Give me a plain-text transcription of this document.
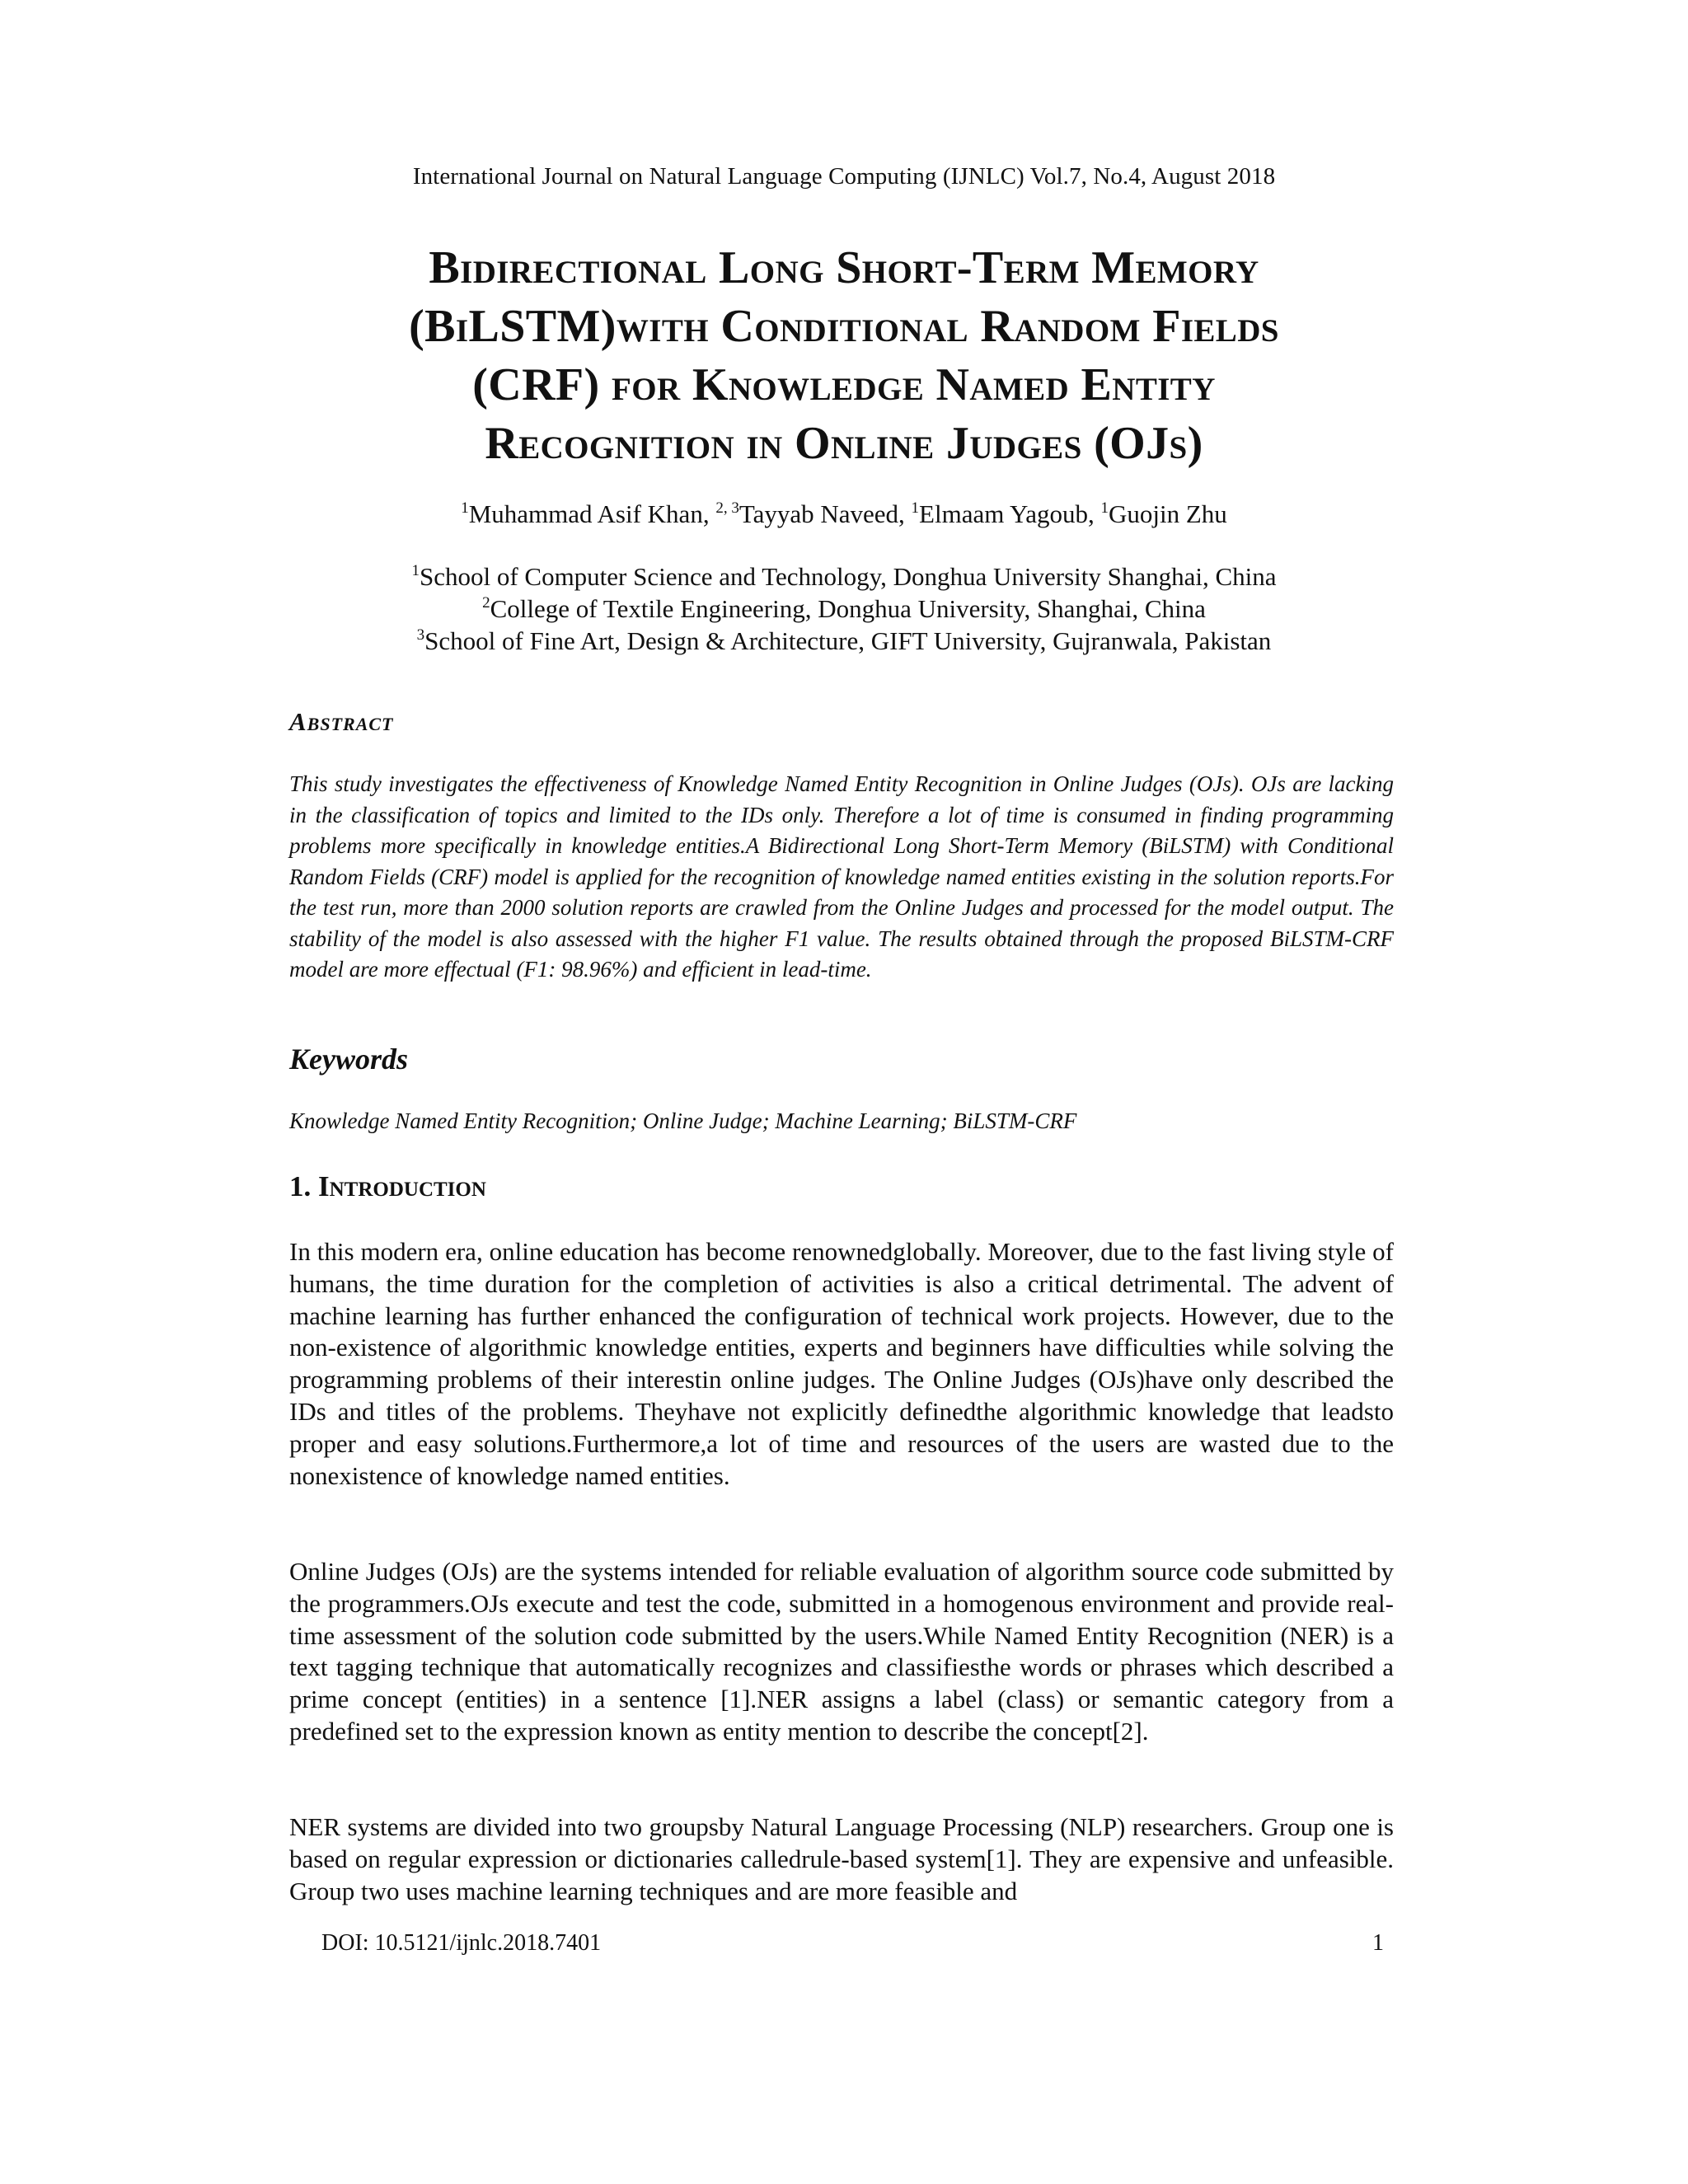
International Journal on Natural Language Computing (IJNLC) Vol.7, No.4, August 2018
Bidirectional Long Short-Term Memory
(BiLSTM)with Conditional Random Fields
(CRF) for Knowledge Named Entity
Recognition in Online Judges (OJs)
$^1$Muhammad Asif Khan, $^{2, 3}$Tayyab Naveed, $^1$Elmaam Yagoub, $^1$Guojin Zhu
$^1$School of Computer Science and Technology, Donghua University Shanghai, China
$^2$College of Textile Engineering, Donghua University, Shanghai, China
$^3$School of Fine Art, Design & Architecture, GIFT University, Gujranwala, Pakistan
Abstract
This study investigates the effectiveness of Knowledge Named Entity Recognition in Online Judges (OJs). OJs are lacking in the classification of topics and limited to the IDs only. Therefore a lot of time is consumed in finding programming problems more specifically in knowledge entities.A Bidirectional Long Short-Term Memory (BiLSTM) with Conditional Random Fields (CRF) model is applied for the recognition of knowledge named entities existing in the solution reports.For the test run, more than 2000 solution reports are crawled from the Online Judges and processed for the model output. The stability of the model is also assessed with the higher F1 value. The results obtained through the proposed BiLSTM-CRF model are more effectual (F1: 98.96%) and efficient in lead-time.
Keywords
Knowledge Named Entity Recognition; Online Judge; Machine Learning; BiLSTM-CRF
1. Introduction
In this modern era, online education has become renownedglobally. Moreover, due to the fast living style of humans, the time duration for the completion of activities is also a critical detrimental. The advent of machine learning has further enhanced the configuration of technical work projects. However, due to the non-existence of algorithmic knowledge entities, experts and beginners have difficulties while solving the programming problems of their interestin online judges. The Online Judges (OJs)have only described the IDs and titles of the problems. Theyhave not explicitly definedthe algorithmic knowledge that leadsto proper and easy solutions.Furthermore,a lot of time and resources of the users are wasted due to the nonexistence of knowledge named entities.
Online Judges (OJs) are the systems intended for reliable evaluation of algorithm source code submitted by the programmers.OJs execute and test the code, submitted in a homogenous environment and provide real-time assessment of the solution code submitted by the users.While Named Entity Recognition (NER) is a text tagging technique that automatically recognizes and classifiesthe words or phrases which described a prime concept (entities) in a sentence [1].NER assigns a label (class) or semantic category from a predefined set to the expression known as entity mention to describe the concept[2].
NER systems are divided into two groupsby Natural Language Processing (NLP) researchers. Group one is based on regular expression or dictionaries calledrule-based system[1]. They are expensive and unfeasible. Group two uses machine learning techniques and are more feasible and
DOI: 10.5121/ijnlc.2018.7401	1
